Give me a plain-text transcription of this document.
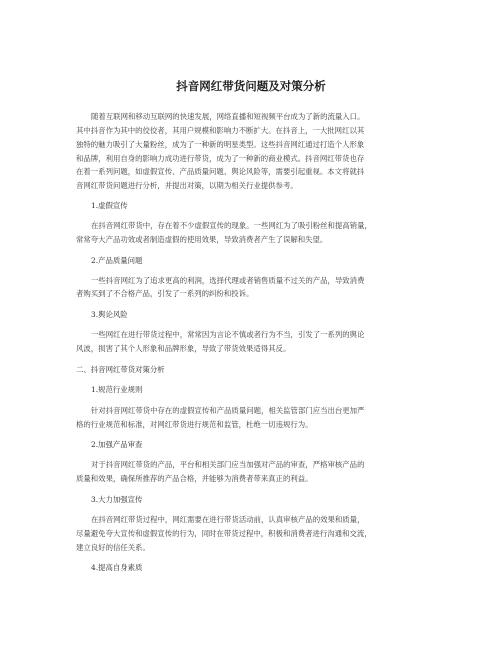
抖音网红带货问题及对策分析
随着互联网和移动互联网的快速发展，网络直播和短视频平台成为了新的流量入口。
其中抖音作为其中的佼佼者，其用户规模和影响力不断扩大。在抖音上，一大批网红以其
独特的魅力吸引了大量粉丝，成为了一种新的明星类型。这些抖音网红通过打造个人形象
和品牌，利用自身的影响力成功进行带货，成为了一种新的商业模式。抖音网红带货也存
在着一系列问题，如虚假宣传、产品质量问题、舆论风险等，需要引起重视。本文将就抖
音网红带货问题进行分析，并提出对策，以期为相关行业提供参考。
1.虚假宣传
在抖音网红带货中，存在着不少虚假宣传的现象。一些网红为了吸引粉丝和提高销量，
常常夸大产品功效或者制造虚假的使用效果，导致消费者产生了误解和失望。
2.产品质量问题
一些抖音网红为了追求更高的利润，选择代理或者销售质量不过关的产品，导致消费
者购买到了不合格产品，引发了一系列的纠纷和投诉。
3.舆论风险
一些网红在进行带货过程中，常常因为言论不慎或者行为不当，引发了一系列的舆论
风波，损害了其个人形象和品牌形象，导致了带货效果适得其反。
二、抖音网红带货对策分析
1.规范行业规则
针对抖音网红带货中存在的虚假宣传和产品质量问题，相关监管部门应当出台更加严
格的行业规范和标准，对网红带货进行规范和监管，杜绝一切违规行为。
2.加强产品审查
对于抖音网红带货的产品，平台和相关部门应当加强对产品的审查，严格审核产品的
质量和效果，确保所推荐的产品合格，并能够为消费者带来真正的利益。
3.大力加强宣传
在抖音网红带货过程中，网红需要在进行带货活动前，认真审核产品的效果和质量，
尽量避免夸大宣传和虚假宣传的行为，同时在带货过程中，积极和消费者进行沟通和交流，
建立良好的信任关系。
4.提高自身素质
